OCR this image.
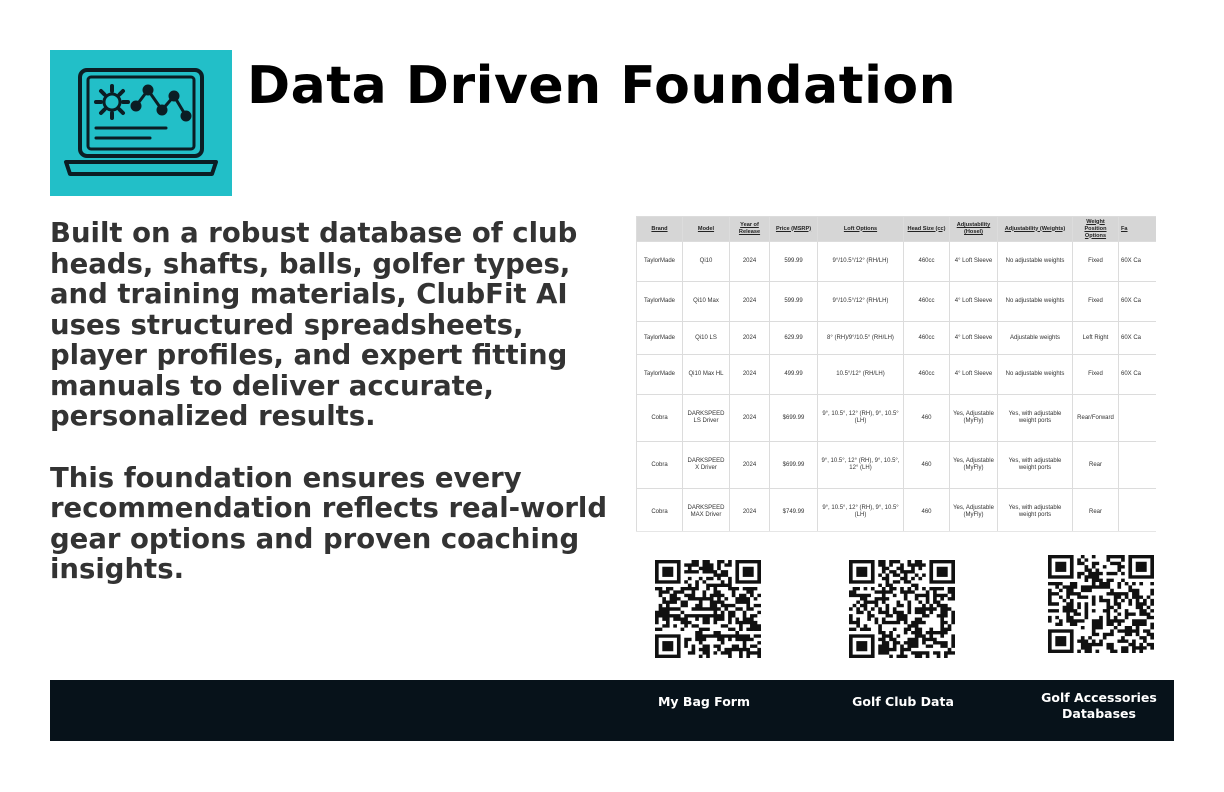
Data Driven Foundation

Built on a robust database of club heads, shafts, balls, golfer types, and training materials, ClubFit AI uses structured spreadsheets, player profiles, and expert fitting manuals to deliver accurate, personalized results.

This foundation ensures every recommendation reflects real-world gear options and proven coaching insights.

Brand	Model	Year of Release	Price (MSRP)	Loft Options	Head Size (cc)	Adjustability (Hosel)	Adjustability (Weights)	Weight Position Options	Fa
TaylorMade	Qi10	2024	599.99	9°/10.5°/12° (RH/LH)	460cc	4° Loft Sleeve	No adjustable weights	Fixed	60X Ca
TaylorMade	Qi10 Max	2024	599.99	9°/10.5°/12° (RH/LH)	460cc	4° Loft Sleeve	No adjustable weights	Fixed	60X Ca
TaylorMade	Qi10 LS	2024	629.99	8° (RH)/9°/10.5° (RH/LH)	460cc	4° Loft Sleeve	Adjustable weights	Left Right	60X Ca
TaylorMade	Qi10 Max HL	2024	499.99	10.5°/12° (RH/LH)	460cc	4° Loft Sleeve	No adjustable weights	Fixed	60X Ca
Cobra	DARKSPEED LS Driver	2024	$699.99	9°, 10.5°, 12° (RH), 9°, 10.5° (LH)	460	Yes, Adjustable (MyFly)	Yes, with adjustable weight ports	Rear/Forward	
Cobra	DARKSPEED X Driver	2024	$699.99	9°, 10.5°, 12° (RH), 9°, 10.5°, 12° (LH)	460	Yes, Adjustable (MyFly)	Yes, with adjustable weight ports	Rear	
Cobra	DARKSPEED MAX Driver	2024	$749.99	9°, 10.5°, 12° (RH), 9°, 10.5° (LH)	460	Yes, Adjustable (MyFly)	Yes, with adjustable weight ports	Rear	
My Bag Form	Golf Club Data	Golf Accessories Databases
